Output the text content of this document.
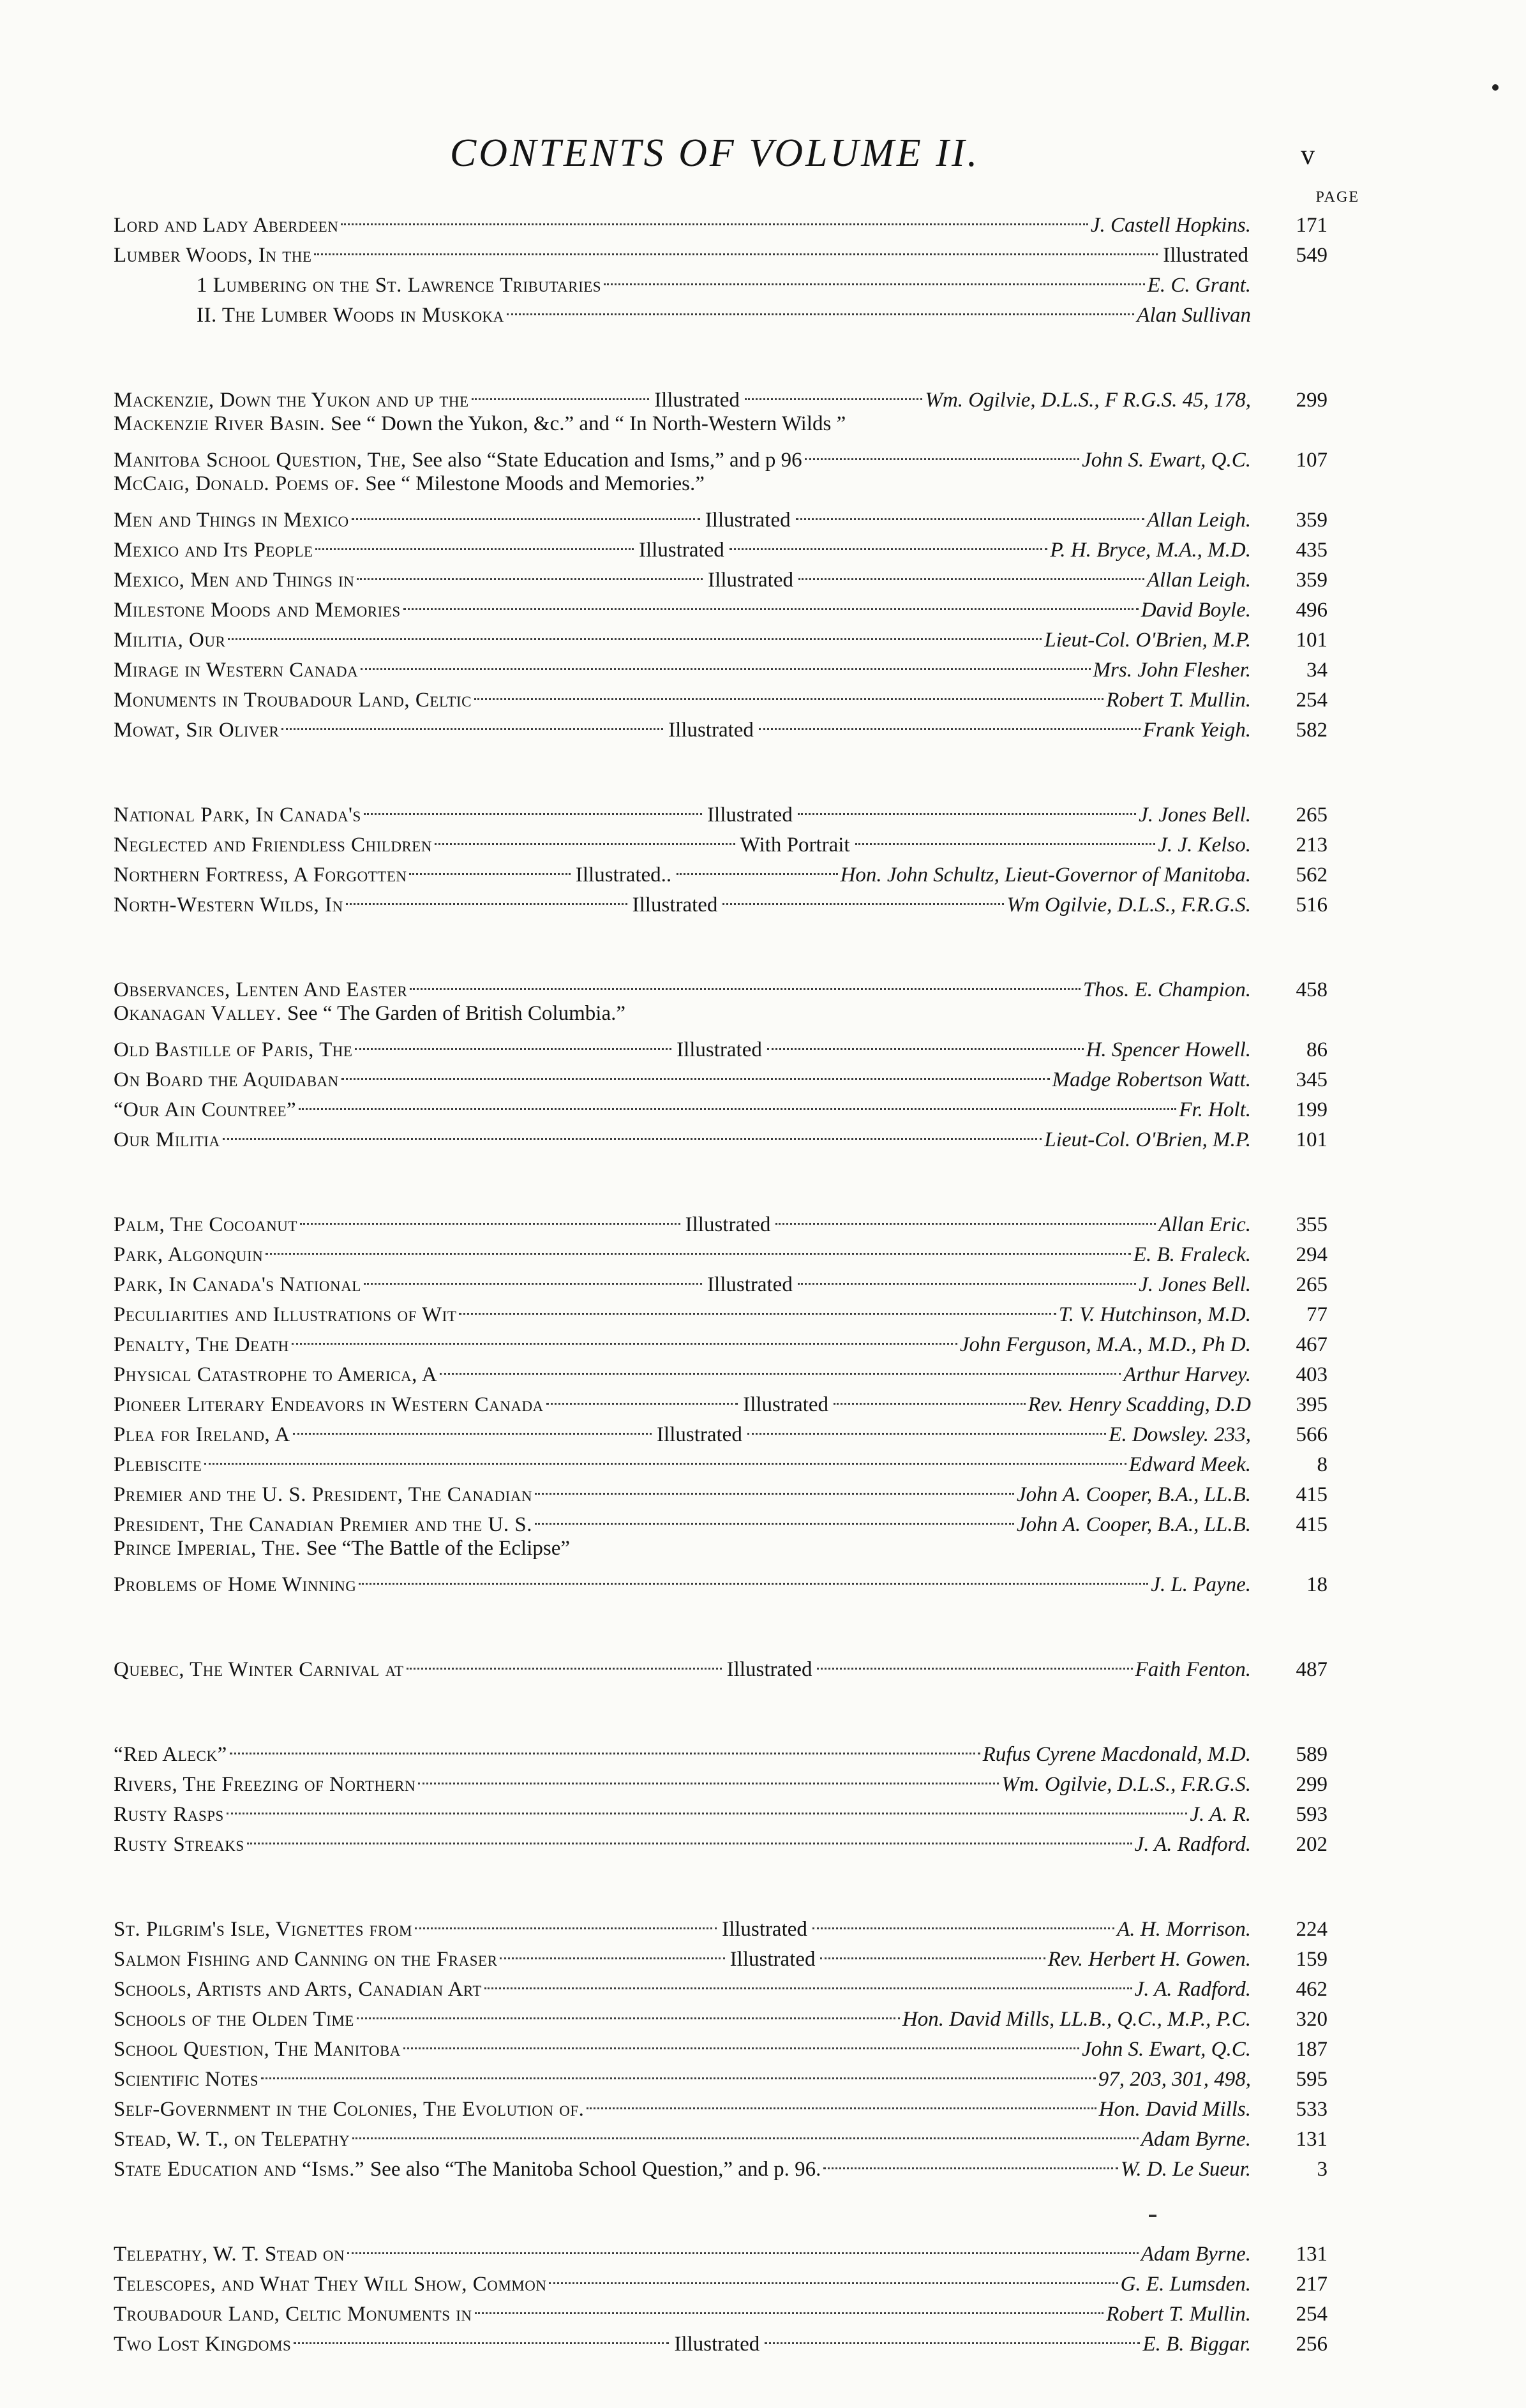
CONTENTS OF VOLUME II.	v
PAGE
Lord and Lady Aberdeen	J. Castell Hopkins.	171
Lumber Woods, In the	Illustrated	549
1 Lumbering on the St. Lawrence Tributaries	E. C. Grant.
II. The Lumber Woods in Muskoka	Alan Sullivan
Mackenzie, Down the Yukon and up the	Illustrated	Wm. Ogilvie, D.L.S., F R.G.S. 45, 178,	299
Mackenzie River Basin. See “ Down the Yukon, &c.” and “ In North-Western Wilds ”
Manitoba School Question, The, See also “State Education and Isms,” and p 96	John S. Ewart, Q.C.	107
McCaig, Donald. Poems of. See “ Milestone Moods and Memories.”
Men and Things in Mexico	Illustrated	Allan Leigh.	359
Mexico and Its People	Illustrated	P. H. Bryce, M.A., M.D.	435
Mexico, Men and Things in	Illustrated	Allan Leigh.	359
Milestone Moods and Memories	David Boyle.	496
Militia, Our	Lieut-Col. O'Brien, M.P.	101
Mirage in Western Canada	Mrs. John Flesher.	34
Monuments in Troubadour Land, Celtic	Robert T. Mullin.	254
Mowat, Sir Oliver	Illustrated	Frank Yeigh.	582
National Park, In Canada's	Illustrated	J. Jones Bell.	265
Neglected and Friendless Children	With Portrait	J. J. Kelso.	213
Northern Fortress, A Forgotten	Illustrated..	Hon. John Schultz, Lieut-Governor of Manitoba.	562
North-Western Wilds, In	Illustrated	Wm Ogilvie, D.L.S., F.R.G.S.	516
Observances, Lenten And Easter	Thos. E. Champion.	458
Okanagan Valley. See “ The Garden of British Columbia.”
Old Bastille of Paris, The	Illustrated	H. Spencer Howell.	86
On Board the Aquidaban	Madge Robertson Watt.	345
“Our Ain Countree”	Fr. Holt.	199
Our Militia	Lieut-Col. O'Brien, M.P.	101
Palm, The Cocoanut	Illustrated	Allan Eric.	355
Park, Algonquin	E. B. Fraleck.	294
Park, In Canada's National	Illustrated	J. Jones Bell.	265
Peculiarities and Illustrations of Wit	T. V. Hutchinson, M.D.	77
Penalty, The Death	John Ferguson, M.A., M.D., Ph D.	467
Physical Catastrophe to America, A	Arthur Harvey.	403
Pioneer Literary Endeavors in Western Canada	Illustrated	Rev. Henry Scadding, D.D	395
Plea for Ireland, A	Illustrated	E. Dowsley. 233,	566
Plebiscite	Edward Meek.	8
Premier and the U. S. President, The Canadian	John A. Cooper, B.A., LL.B.	415
President, The Canadian Premier and the U. S.	John A. Cooper, B.A., LL.B.	415
Prince Imperial, The. See “The Battle of the Eclipse”
Problems of Home Winning	J. L. Payne.	18
Quebec, The Winter Carnival at	Illustrated	Faith Fenton.	487
“Red Aleck”	Rufus Cyrene Macdonald, M.D.	589
Rivers, The Freezing of Northern	Wm. Ogilvie, D.L.S., F.R.G.S.	299
Rusty Rasps	J. A. R.	593
Rusty Streaks	J. A. Radford.	202
St. Pilgrim's Isle, Vignettes from	Illustrated	A. H. Morrison.	224
Salmon Fishing and Canning on the Fraser	Illustrated	Rev. Herbert H. Gowen.	159
Schools, Artists and Arts, Canadian Art	J. A. Radford.	462
Schools of the Olden Time	Hon. David Mills, LL.B., Q.C., M.P., P.C.	320
School Question, The Manitoba	John S. Ewart, Q.C.	187
Scientific Notes	97, 203, 301, 498,	595
Self-Government in the Colonies, The Evolution of.	Hon. David Mills.	533
Stead, W. T., on Telepathy	Adam Byrne.	131
State Education and “Isms.” See also “The Manitoba School Question,” and p. 96.	W. D. Le Sueur.	3
Telepathy, W. T. Stead on	Adam Byrne.	131
Telescopes, and What They Will Show, Common	G. E. Lumsden.	217
Troubadour Land, Celtic Monuments in	Robert T. Mullin.	254
Two Lost Kingdoms	Illustrated	E. B. Biggar.	256
